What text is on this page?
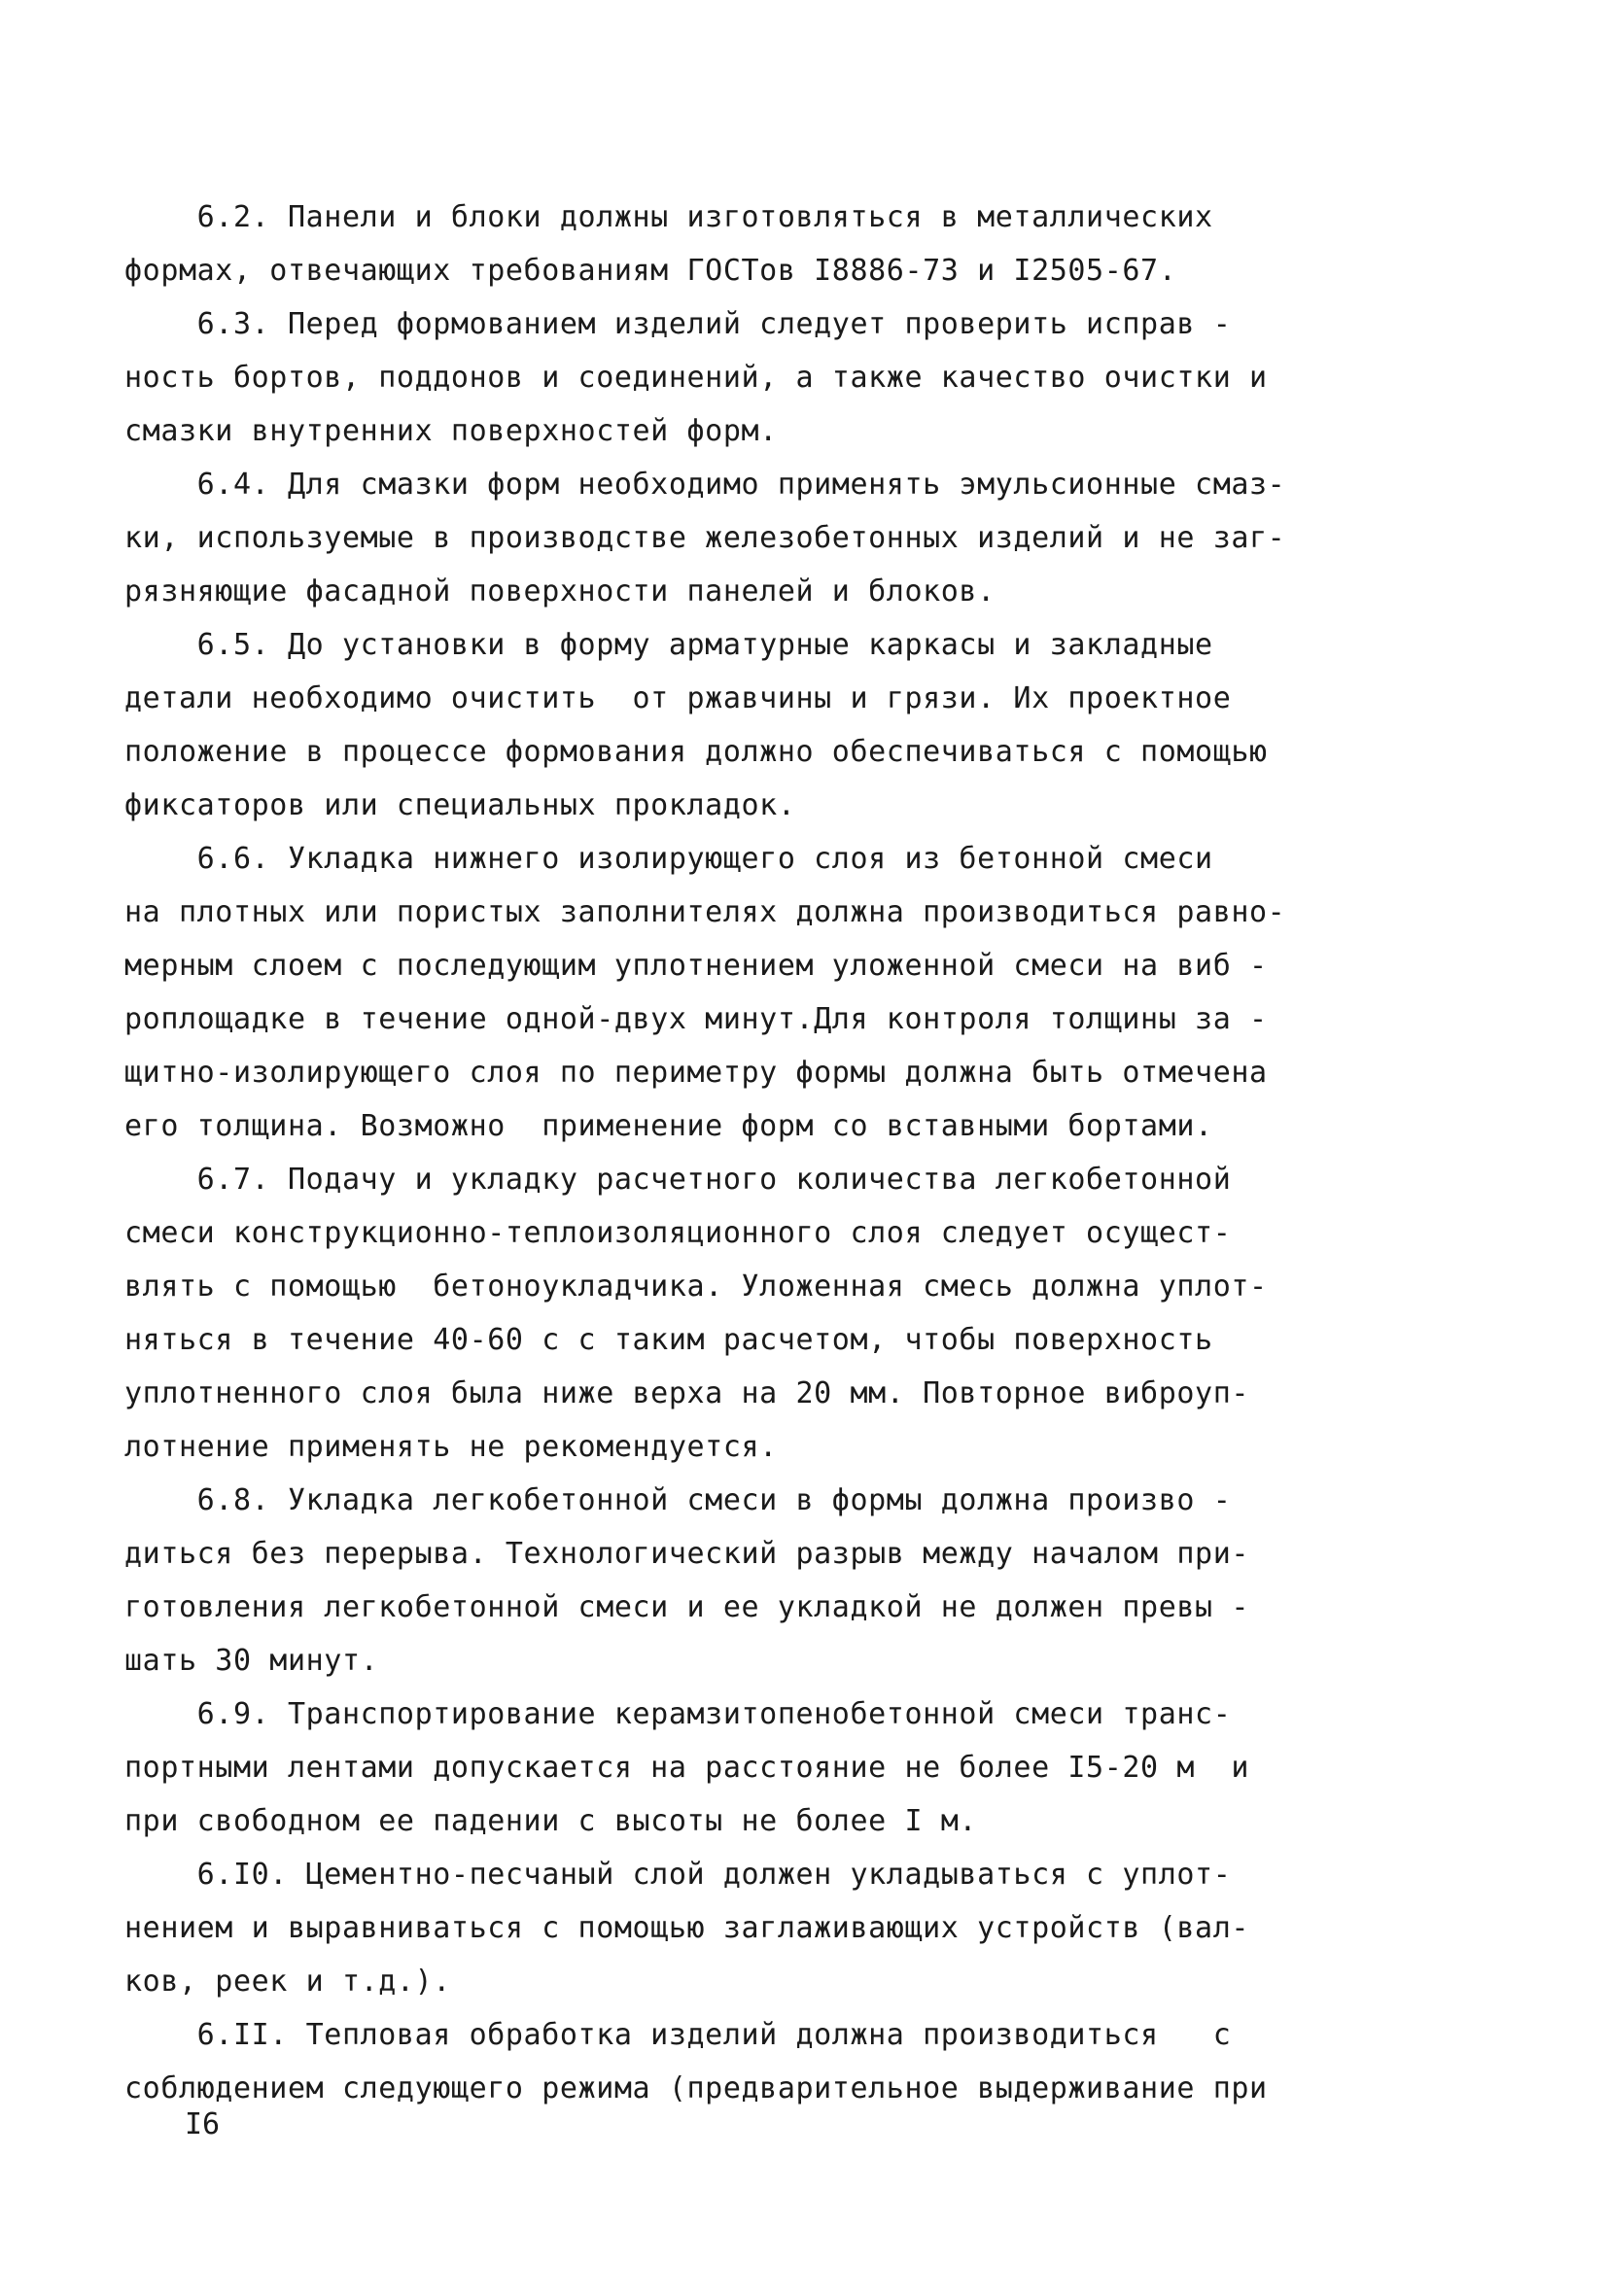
6.2. Панели и блоки должны изготовляться в металлических
формах, отвечающих требованиям ГОСТов I8886-73 и I2505-67.
6.3. Перед формованием изделий следует проверить исправ -
ность бортов, поддонов и соединений, а также качество очистки и
смазки внутренних поверхностей форм.
6.4. Для смазки форм необходимо применять эмульсионные смаз-
ки, используемые в производстве железобетонных изделий и не заг-
рязняющие фасадной поверхности панелей и блоков.
6.5. До установки в форму арматурные каркасы и закладные
детали необходимо очистить  от ржавчины и грязи. Их проектное
положение в процессе формования должно обеспечиваться с помощью
фиксаторов или специальных прокладок.
6.6. Укладка нижнего изолирующего слоя из бетонной смеси
на плотных или пористых заполнителях должна производиться равно-
мерным слоем с последующим уплотнением уложенной смеси на виб -
роплощадке в течение одной-двух минут.Для контроля толщины за -
щитно-изолирующего слоя по периметру формы должна быть отмечена
его толщина. Возможно  применение форм со вставными бортами.
6.7. Подачу и укладку расчетного количества легкобетонной
смеси конструкционно-теплоизоляционного слоя следует осущест-
влять с помощью  бетоноукладчика. Уложенная смесь должна уплот-
няться в течение 40-60 с с таким расчетом, чтобы поверхность
уплотненного слоя была ниже верха на 20 мм. Повторное виброуп-
лотнение применять не рекомендуется.
6.8. Укладка легкобетонной смеси в формы должна произво -
диться без перерыва. Технологический разрыв между началом при-
готовления легкобетонной смеси и ее укладкой не должен превы -
шать 30 минут.
6.9. Транспортирование керамзитопенобетонной смеси транс-
портными лентами допускается на расстояние не более I5-20 м  и
при свободном ее падении с высоты не более I м.
6.I0. Цементно-песчаный слой должен укладываться с уплот-
нением и выравниваться с помощью заглаживающих устройств (вал-
ков, реек и т.д.).
6.II. Тепловая обработка изделий должна производиться   с
соблюдением следующего режима (предварительное выдерживание при
I6
